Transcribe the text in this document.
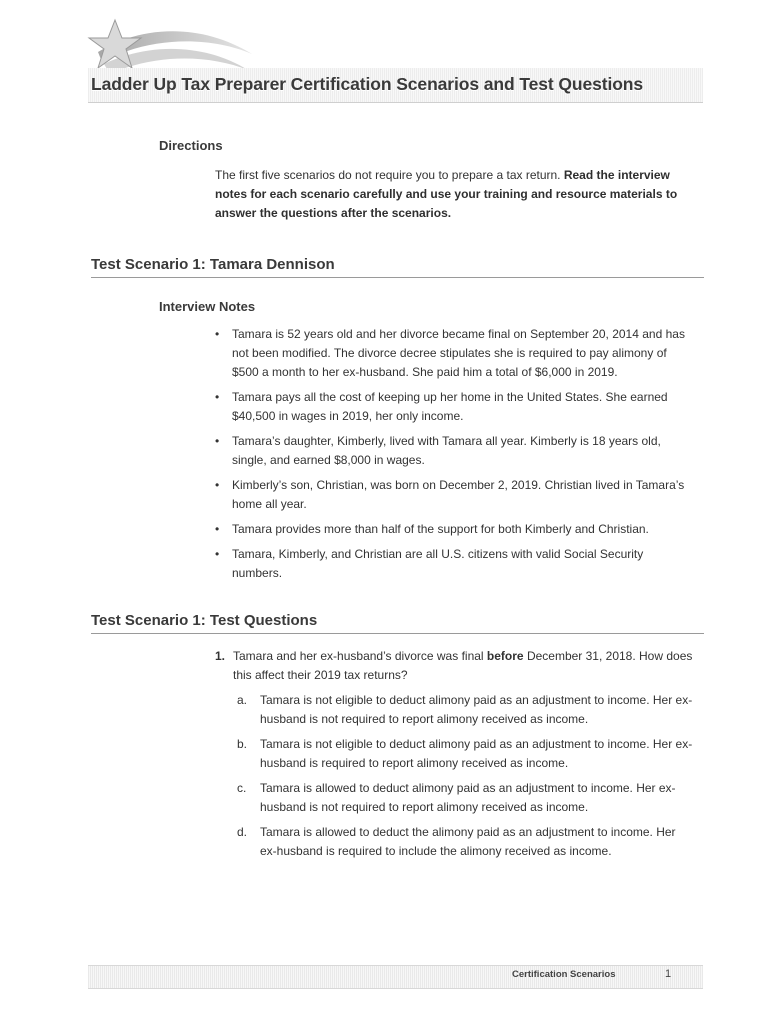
Ladder Up Tax Preparer Certification Scenarios and Test Questions
Directions
The first five scenarios do not require you to prepare a tax return. Read the interview notes for each scenario carefully and use your training and resource materials to answer the questions after the scenarios.
Test Scenario 1: Tamara Dennison
Interview Notes
• Tamara is 52 years old and her divorce became final on September 20, 2014 and has not been modified. The divorce decree stipulates she is required to pay alimony of $500 a month to her ex-husband. She paid him a total of $6,000 in 2019.
• Tamara pays all the cost of keeping up her home in the United States. She earned $40,500 in wages in 2019, her only income.
• Tamara’s daughter, Kimberly, lived with Tamara all year. Kimberly is 18 years old, single, and earned $8,000 in wages.
• Kimberly’s son, Christian, was born on December 2, 2019. Christian lived in Tamara’s home all year.
• Tamara provides more than half of the support for both Kimberly and Christian.
• Tamara, Kimberly, and Christian are all U.S. citizens with valid Social Security numbers.
Test Scenario 1: Test Questions
1. Tamara and her ex-husband’s divorce was final before December 31, 2018. How does this affect their 2019 tax returns?
a. Tamara is not eligible to deduct alimony paid as an adjustment to income. Her ex-husband is not required to report alimony received as income.
b. Tamara is not eligible to deduct alimony paid as an adjustment to income. Her ex-husband is required to report alimony received as income.
c. Tamara is allowed to deduct alimony paid as an adjustment to income. Her ex-husband is not required to report alimony received as income.
d. Tamara is allowed to deduct the alimony paid as an adjustment to income. Her ex-husband is required to include the alimony received as income.
Certification Scenarios	1
